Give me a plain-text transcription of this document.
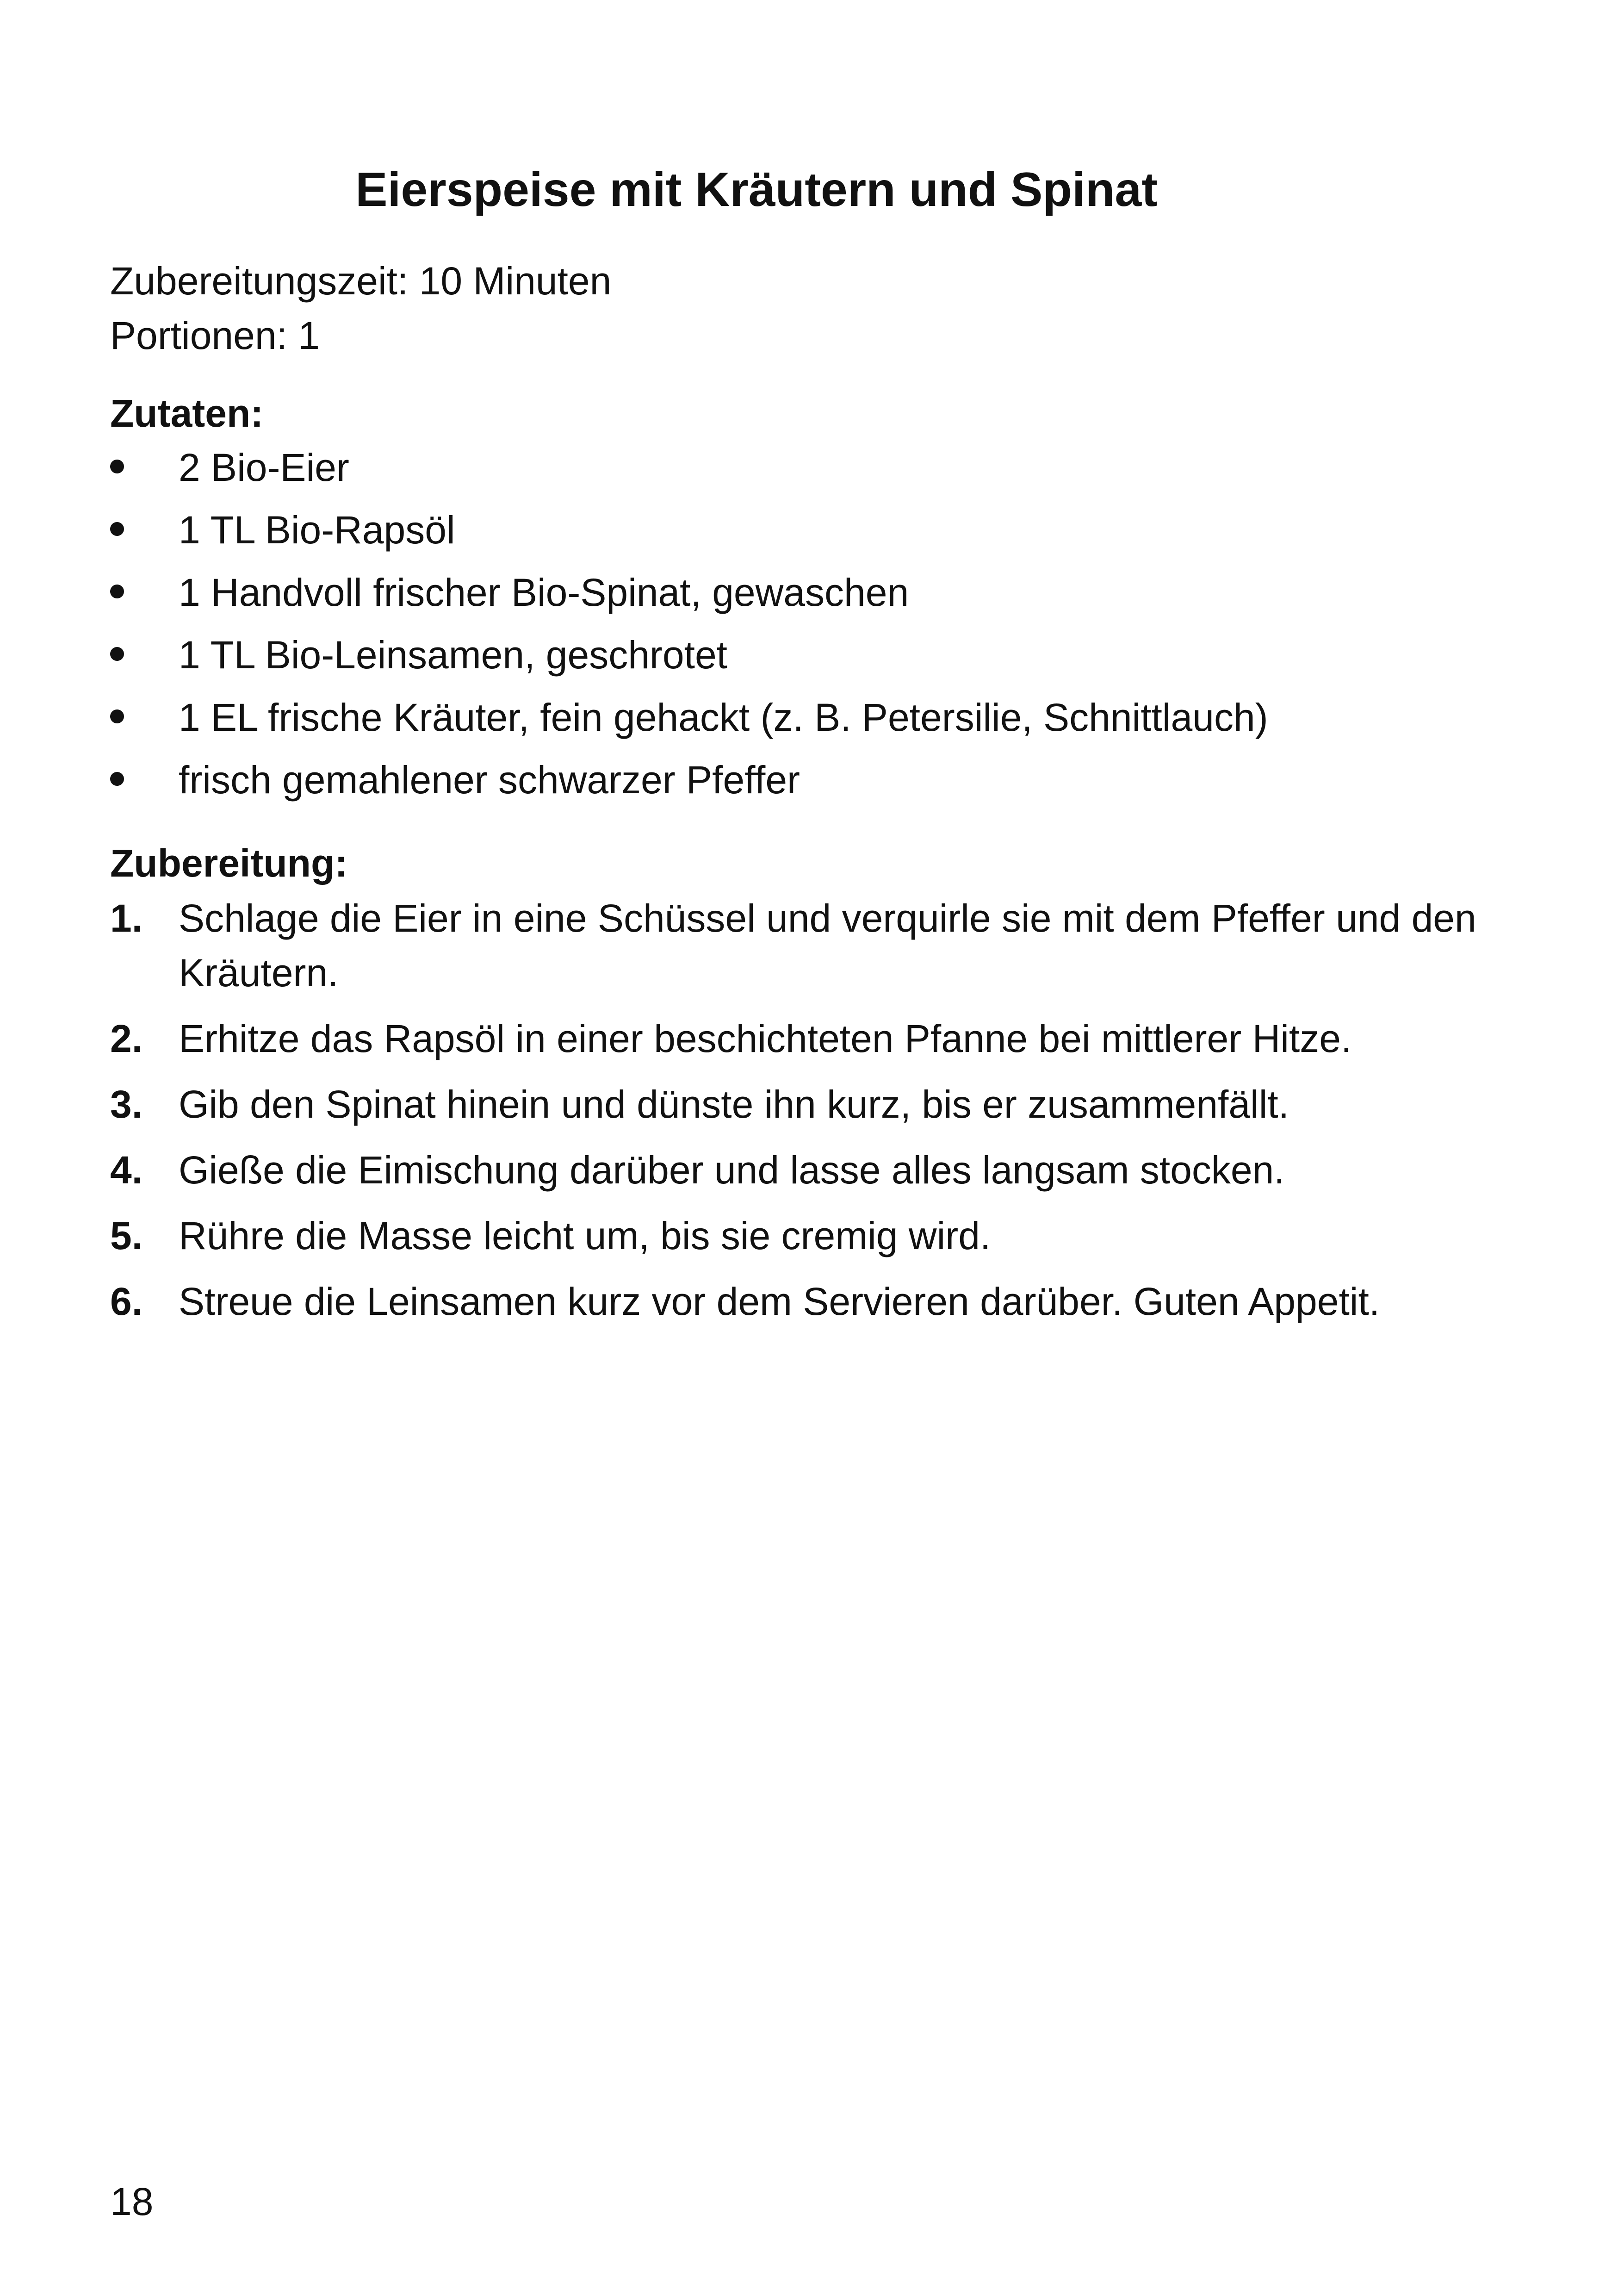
Eierspeise mit Kräutern und Spinat
Zubereitungszeit: 10 Minuten
Portionen: 1
Zutaten:
2 Bio-Eier
1 TL Bio-Rapsöl
1 Handvoll frischer Bio-Spinat, gewaschen
1 TL Bio-Leinsamen, geschrotet
1 EL frische Kräuter, fein gehackt (z. B. Petersilie, Schnittlauch)
frisch gemahlener schwarzer Pfeffer
Zubereitung:
1. Schlage die Eier in eine Schüssel und verquirle sie mit dem Pfeffer und den Kräutern.
2. Erhitze das Rapsöl in einer beschichteten Pfanne bei mittlerer Hitze.
3. Gib den Spinat hinein und dünste ihn kurz, bis er zusammenfällt.
4. Gieße die Eimischung darüber und lasse alles langsam stocken.
5. Rühre die Masse leicht um, bis sie cremig wird.
6. Streue die Leinsamen kurz vor dem Servieren darüber. Guten Appetit.
18
